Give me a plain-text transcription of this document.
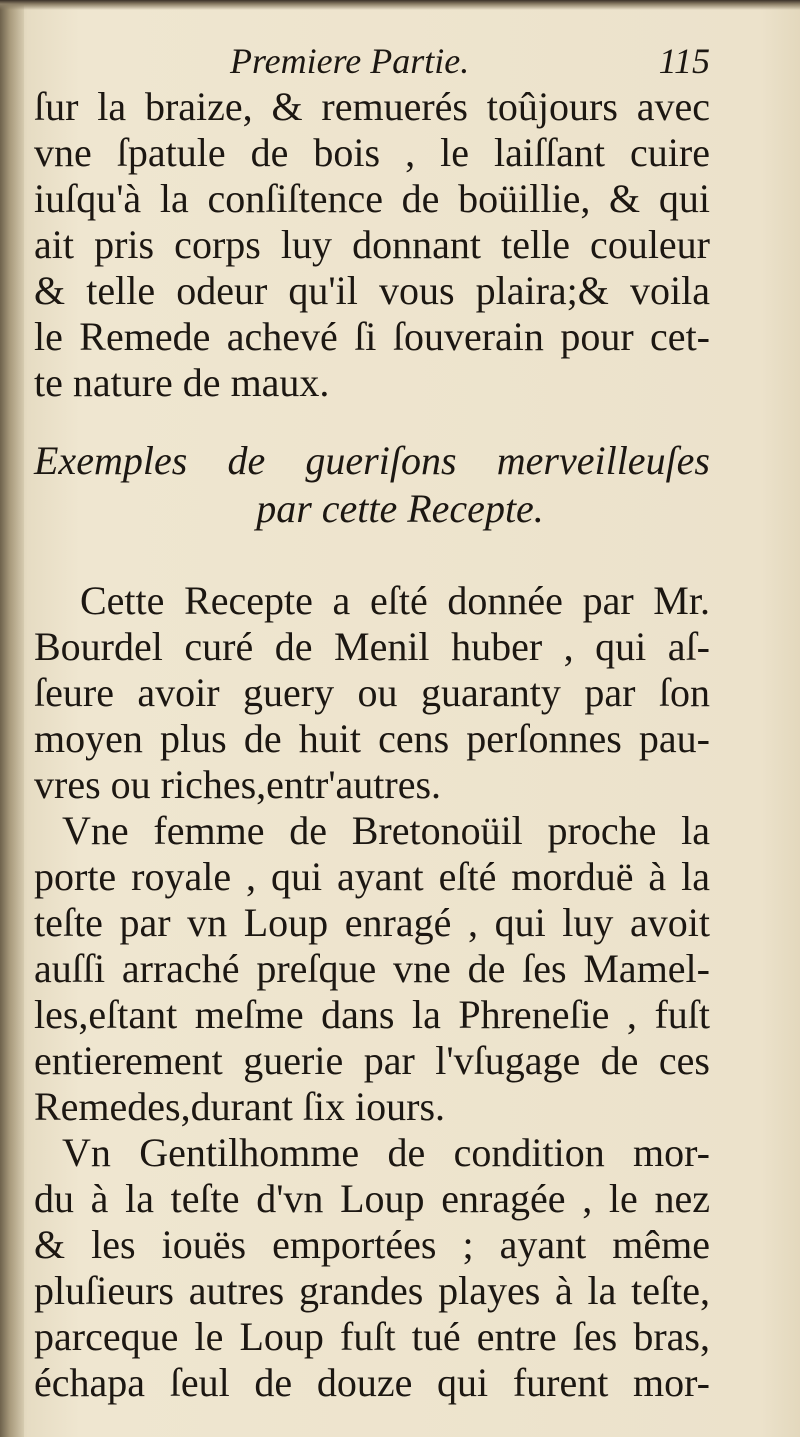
Premiere Partie.	115
ſur la braize, & remuerés toûjours avec
vne ſpatule de bois , le laiſſant cuire
iuſqu'à la conſiſtence de boüillie, & qui
ait pris corps luy donnant telle couleur
& telle odeur qu'il vous plaira;& voila
le Remede achevé ſi ſouverain pour cet-
te nature de maux.
Exemples de gueriſons merveilleuſes
par cette Recepte.
Cette Recepte a eſté donnée par Mr.
Bourdel curé de Menil huber , qui aſ-
ſeure avoir guery ou guaranty par ſon
moyen plus de huit cens perſonnes pau-
vres ou riches,entr'autres.
Vne femme de Bretonoüil proche la
porte royale , qui ayant eſté morduë à la
teſte par vn Loup enragé , qui luy avoit
auſſi arraché preſque vne de ſes Mamel-
les,eſtant meſme dans la Phreneſie , fuſt
entierement guerie par l'vſugage de ces
Remedes,durant ſix iours.
Vn Gentilhomme de condition mor-
du à la teſte d'vn Loup enragée , le nez
& les iouës emportées ; ayant même
pluſieurs autres grandes playes à la teſte,
parceque le Loup fuſt tué entre ſes bras,
échapa ſeul de douze qui furent mor-
